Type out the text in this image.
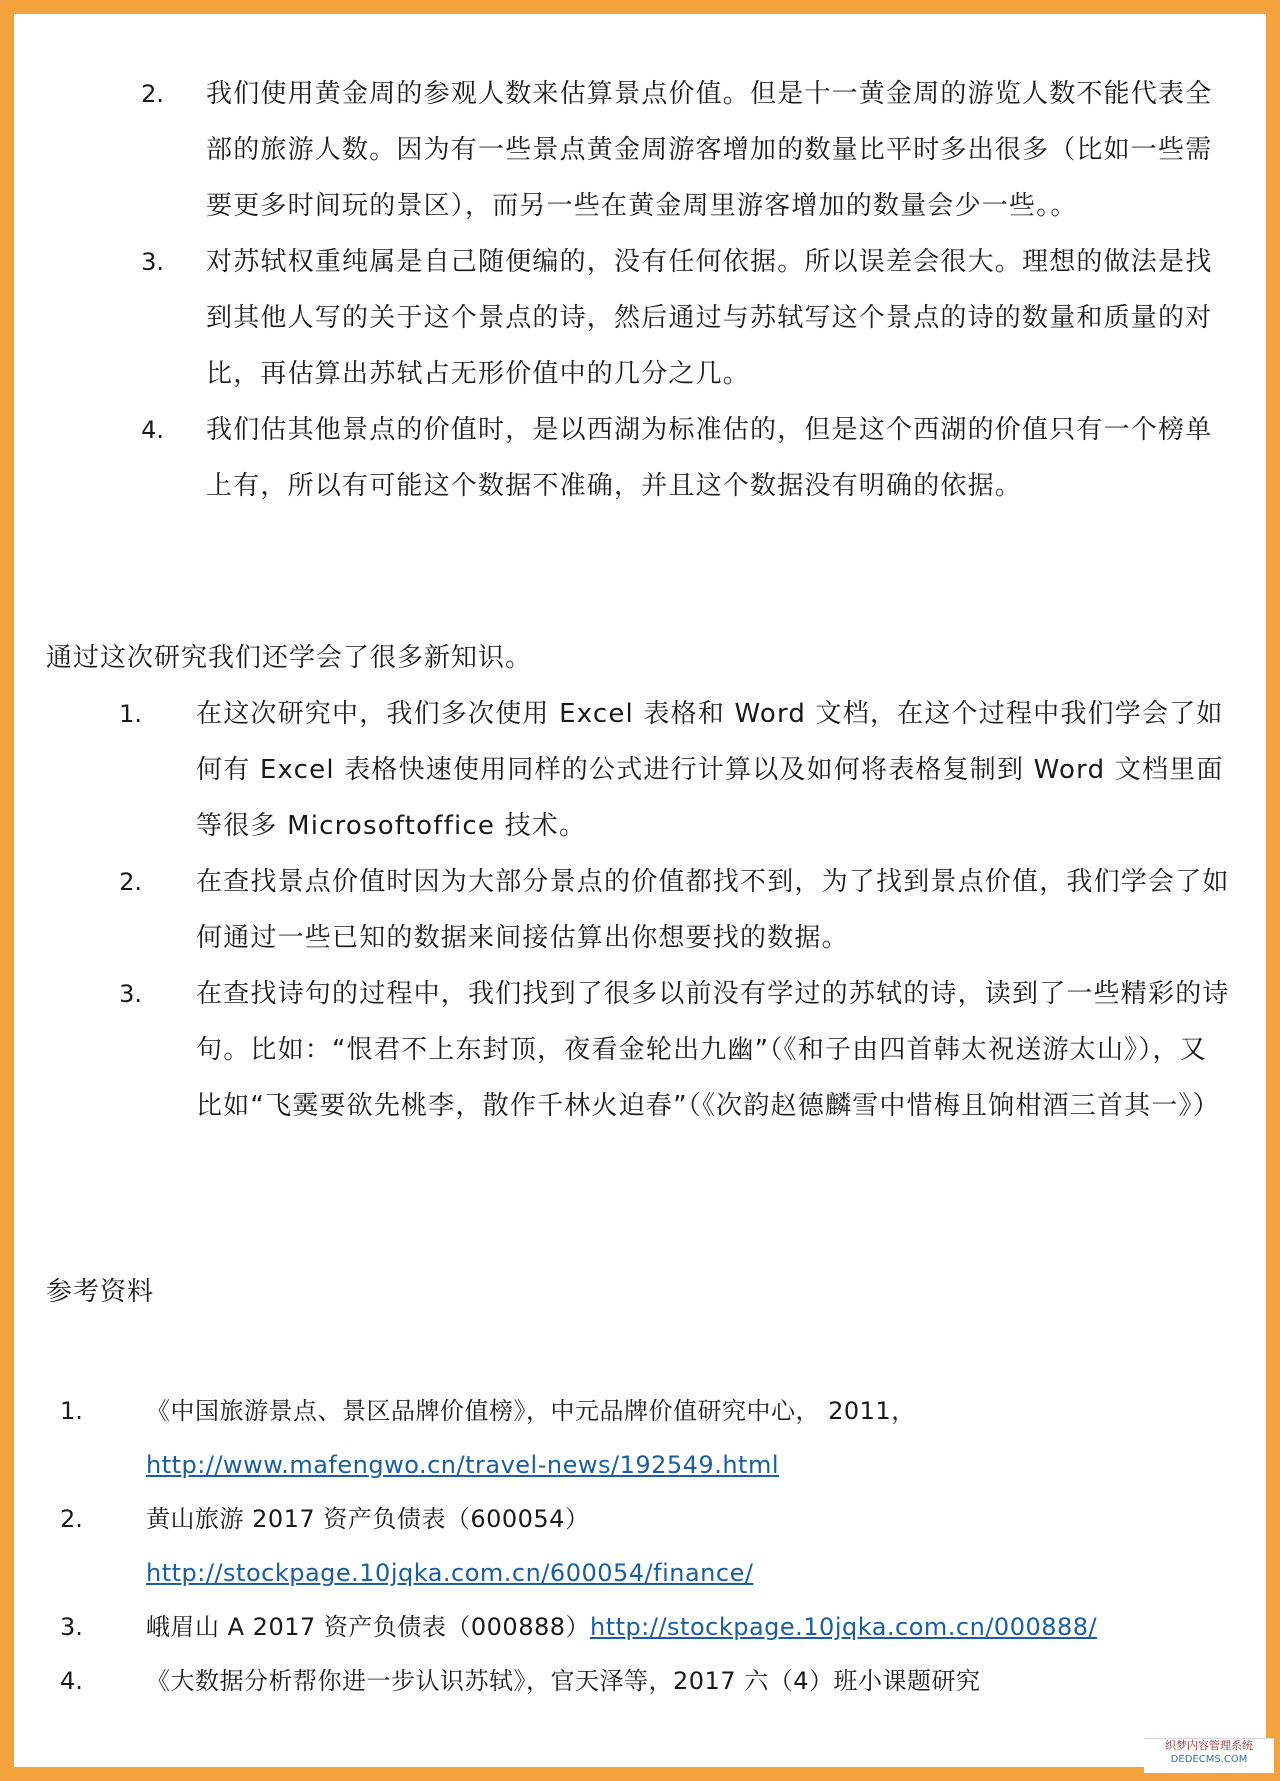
2. 我们使用黄金周的参观人数来估算景点价值。但是十一黄金周的游览人数不能代表全部的旅游人数。因为有一些景点黄金周游客增加的数量比平时多出很多（比如一些需要更多时间玩的景区），而另一些在黄金周里游客增加的数量会少一些。。
3. 对苏轼权重纯属是自己随便编的，没有任何依据。所以误差会很大。理想的做法是找到其他人写的关于这个景点的诗，然后通过与苏轼写这个景点的诗的数量和质量的对比，再估算出苏轼占无形价值中的几分之几。
4. 我们估其他景点的价值时，是以西湖为标准估的，但是这个西湖的价值只有一个榜单上有，所以有可能这个数据不准确，并且这个数据没有明确的依据。
通过这次研究我们还学会了很多新知识。
1. 在这次研究中，我们多次使用 Excel 表格和 Word 文档，在这个过程中我们学会了如何有 Excel 表格快速使用同样的公式进行计算以及如何将表格复制到 Word 文档里面等很多 Microsoftoffice 技术。
2. 在查找景点价值时因为大部分景点的价值都找不到，为了找到景点价值，我们学会了如何通过一些已知的数据来间接估算出你想要找的数据。
3. 在查找诗句的过程中，我们找到了很多以前没有学过的苏轼的诗，读到了一些精彩的诗句。比如：“恨君不上东封顶，夜看金轮出九幽”（《和子由四首韩太祝送游太山》），又比如“飞霙要欲先桃李，散作千林火迫春”（《次韵赵德麟雪中惜梅且饷柑酒三首其一》）
参考资料
1.	《中国旅游景点、景区品牌价值榜》，中元品牌价值研究中心， 2011，
http://www.mafengwo.cn/travel-news/192549.html
2.	黄山旅游 2017 资产负债表（600054）
http://stockpage.10jqka.com.cn/600054/finance/
3.	峨眉山 A 2017 资产负债表（000888）http://stockpage.10jqka.com.cn/000888/
4.	《大数据分析帮你进一步认识苏轼》，官天泽等，2017 六（4）班小课题研究
织梦内容管理系统
DEDECMS.COM
